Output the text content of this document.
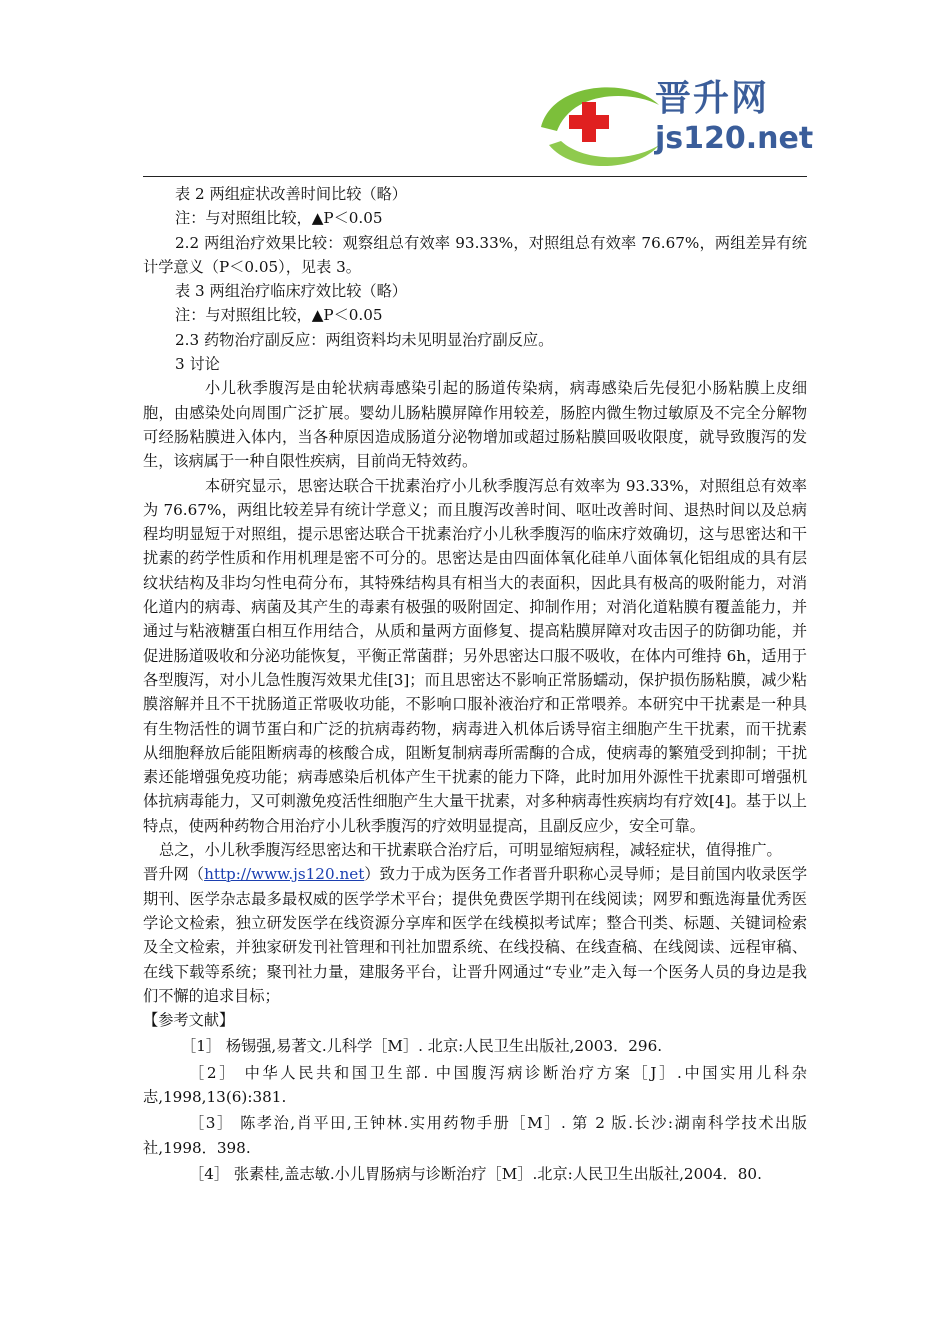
晋升网
js120.net

表 2 两组症状改善时间比较（略）

注：与对照组比较，▲P＜0.05

2.2 两组治疗效果比较：观察组总有效率 93.33%，对照组总有效率 76.67%，两组差异有统计学意义（P＜0.05），见表 3。

表 3 两组治疗临床疗效比较（略）

注：与对照组比较，▲P＜0.05

2.3 药物治疗副反应：两组资料均未见明显治疗副反应。

3 讨论

小儿秋季腹泻是由轮状病毒感染引起的肠道传染病，病毒感染后先侵犯小肠粘膜上皮细胞，由感染处向周围广泛扩展。婴幼儿肠粘膜屏障作用较差，肠腔内微生物过敏原及不完全分解物可经肠粘膜进入体内，当各种原因造成肠道分泌物增加或超过肠粘膜回吸收限度，就导致腹泻的发生，该病属于一种自限性疾病，目前尚无特效药。

本研究显示，思密达联合干扰素治疗小儿秋季腹泻总有效率为 93.33%，对照组总有效率为 76.67%，两组比较差异有统计学意义；而且腹泻改善时间、呕吐改善时间、退热时间以及总病程均明显短于对照组，提示思密达联合干扰素治疗小儿秋季腹泻的临床疗效确切，这与思密达和干扰素的药学性质和作用机理是密不可分的。思密达是由四面体氧化硅单八面体氧化铝组成的具有层纹状结构及非均匀性电荷分布，其特殊结构具有相当大的表面积，因此具有极高的吸附能力，对消化道内的病毒、病菌及其产生的毒素有极强的吸附固定、抑制作用；对消化道粘膜有覆盖能力，并通过与粘液糖蛋白相互作用结合，从质和量两方面修复、提高粘膜屏障对攻击因子的防御功能，并促进肠道吸收和分泌功能恢复，平衡正常菌群；另外思密达口服不吸收，在体内可维持 6h，适用于各型腹泻，对小儿急性腹泻效果尤佳[3]；而且思密达不影响正常肠蠕动，保护损伤肠粘膜，减少粘膜溶解并且不干扰肠道正常吸收功能，不影响口服补液治疗和正常喂养。本研究中干扰素是一种具有生物活性的调节蛋白和广泛的抗病毒药物，病毒进入机体后诱导宿主细胞产生干扰素，而干扰素从细胞释放后能阻断病毒的核酸合成，阻断复制病毒所需酶的合成，使病毒的繁殖受到抑制；干扰素还能增强免疫功能；病毒感染后机体产生干扰素的能力下降，此时加用外源性干扰素即可增强机体抗病毒能力，又可刺激免疫活性细胞产生大量干扰素，对多种病毒性疾病均有疗效[4]。基于以上特点，使两种药物合用治疗小儿秋季腹泻的疗效明显提高，且副反应少，安全可靠。

总之，小儿秋季腹泻经思密达和干扰素联合治疗后，可明显缩短病程，减轻症状，值得推广。

晋升网（http://www.js120.net）致力于成为医务工作者晋升职称心灵导师；是目前国内收录医学期刊、医学杂志最多最权威的医学学术平台；提供免费医学期刊在线阅读；网罗和甄选海量优秀医学论文检索，独立研发医学在线资源分享库和医学在线模拟考试库；整合刊类、标题、关键词检索及全文检索，并独家研发刊社管理和刊社加盟系统、在线投稿、在线查稿、在线阅读、远程审稿、在线下载等系统；聚刊社力量，建服务平台，让晋升网通过“专业”走入每一个医务人员的身边是我们不懈的追求目标；

【参考文献】

［1］ 杨锡强,易著文.儿科学［M］. 北京:人民卫生出版社,2003．296.

［2］ 中华人民共和国卫生部. 中国腹泻病诊断治疗方案［J］.中国实用儿科杂志,1998,13(6):381.

［3］ 陈孝治,肖平田,王钟林.实用药物手册［M］. 第 2 版.长沙:湖南科学技术出版社,1998．398.

［4］ 张素桂,盖志敏.小儿胃肠病与诊断治疗［M］.北京:人民卫生出版社,2004．80.
